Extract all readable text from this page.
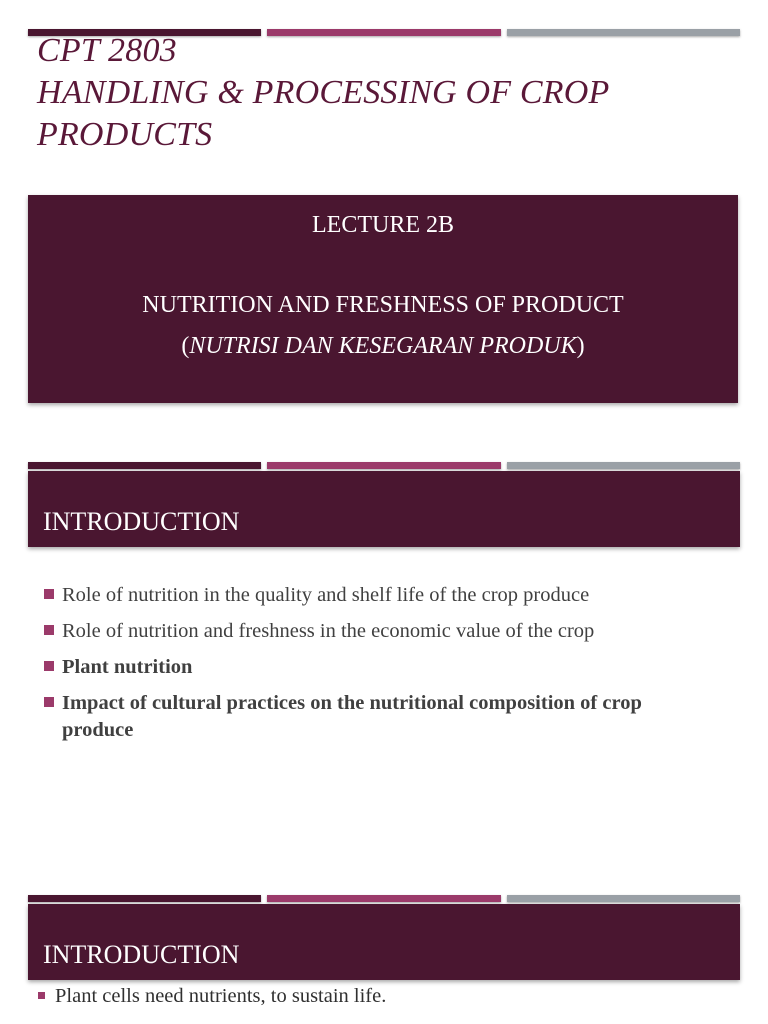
CPT 2803
HANDLING & PROCESSING OF CROP
PRODUCTS
LECTURE 2B
NUTRITION AND FRESHNESS OF PRODUCT
(NUTRISI DAN KESEGARAN PRODUK)
INTRODUCTION
Role of nutrition in the quality and shelf life of the crop produce
Role of nutrition and freshness in the economic value of the crop
Plant nutrition
Impact of cultural practices on the nutritional composition of crop produce
INTRODUCTION
Plant cells need nutrients, to sustain life.
